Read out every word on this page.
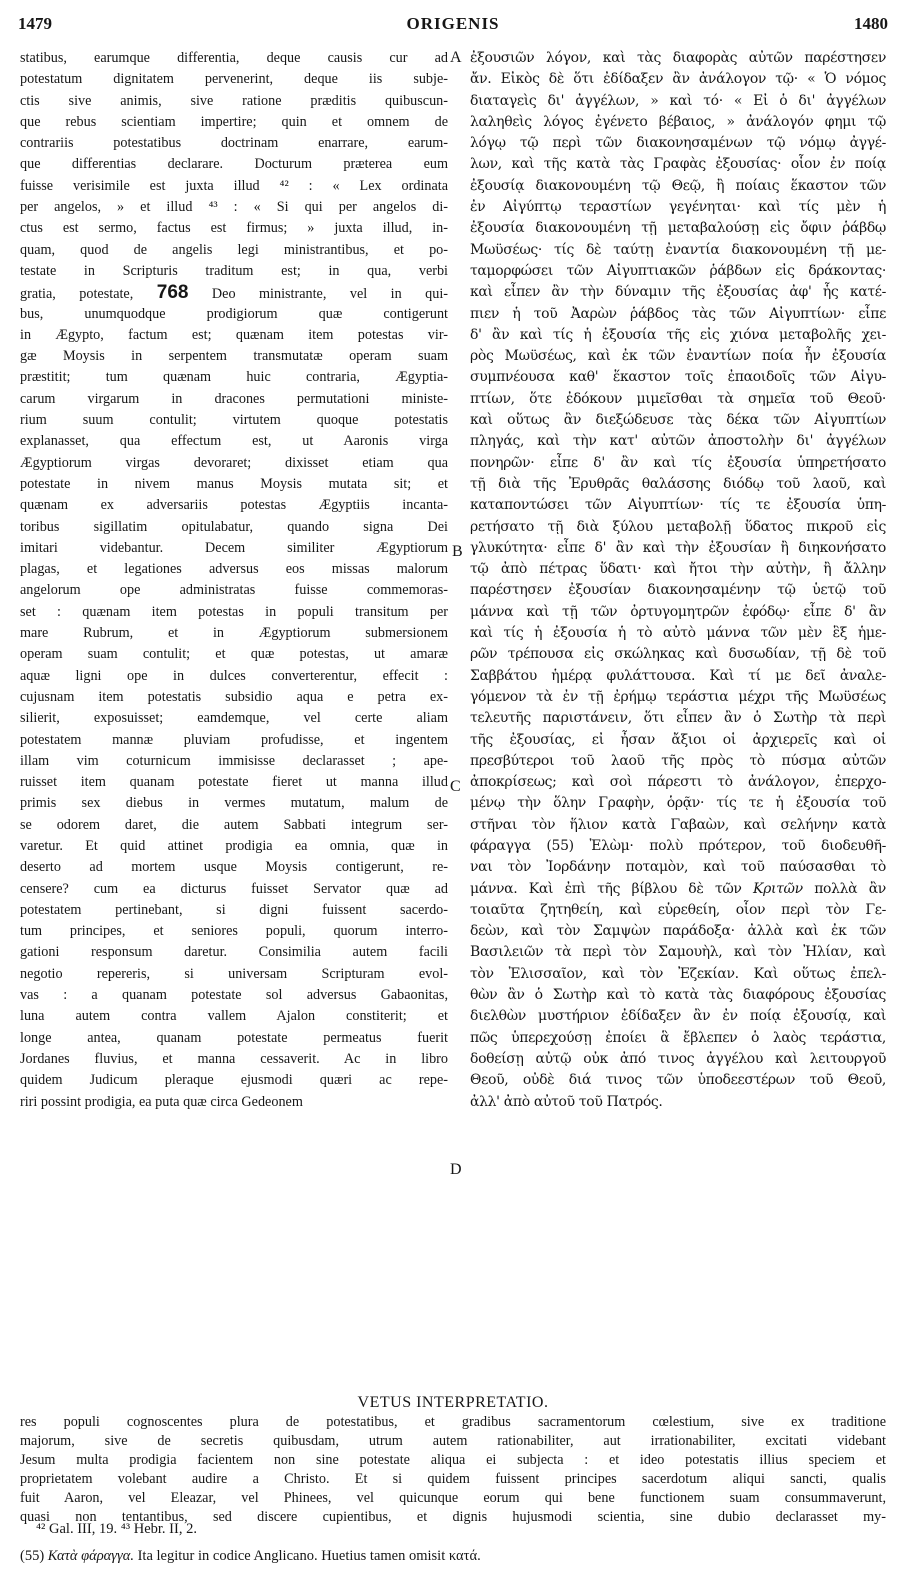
1479	ORIGENIS	1480
statibus, earumque differentia, deque causis cur ad
potestatum dignitatem pervenerint, deque iis subje-
ctis sive animis, sive ratione præditis quibuscun-
que rebus scientiam impertire; quin et omnem de
contrariis potestatibus doctrinam enarrare, earum-
que differentias declarare. Docturum præterea eum
fuisse verisimile est juxta illud ⁴² : « Lex ordinata
per angelos, » et illud ⁴³ : « Si qui per angelos di-
ctus est sermo, factus est firmus; » juxta illud, in-
quam, quod de angelis legi ministrantibus, et po-
testate in Scripturis traditum est; in qua, verbi
gratia, potestate, 768 Deo ministrante, vel in qui-
bus, unumquodque prodigiorum quæ contigerunt
in Ægypto, factum est; quænam item potestas vir-
gæ Moysis in serpentem transmutatæ operam suam
præstitit; tum quænam huic contraria, Ægyptia-
carum virgarum in dracones permutationi ministe-
rium suum contulit; virtutem quoque potestatis
explanasset, qua effectum est, ut Aaronis virga
Ægyptiorum virgas devoraret; dixisset etiam qua
potestate in nivem manus Moysis mutata sit; et
quænam ex adversariis potestas Ægyptiis incanta-
toribus sigillatim opitulabatur, quando signa Dei
imitari videbantur. Decem similiter Ægyptiorum
plagas, et legationes adversus eos missas malorum
angelorum ope administratas fuisse commemoras-
set : quænam item potestas in populi transitum per
mare Rubrum, et in Ægyptiorum submersionem
operam suam contulit; et quæ potestas, ut amaræ
aquæ ligni ope in dulces converterentur, effecit :
cujusnam item potestatis subsidio aqua e petra ex-
silierit, exposuisset; eamdemque, vel certe aliam
potestatem mannæ pluviam profudisse, et ingentem
illam vim coturnicum immisisse declarasset ; ape-
ruisset item quanam potestate fieret ut manna illud
primis sex diebus in vermes mutatum, malum de
se odorem daret, die autem Sabbati integrum ser-
varetur. Et quid attinet prodigia ea omnia, quæ in
deserto ad mortem usque Moysis contigerunt, re-
censere? cum ea dicturus fuisset Servator quæ ad
potestatem pertinebant, si digni fuissent sacerdo-
tum principes, et seniores populi, quorum interro-
gationi responsum daretur. Consimilia autem facili
negotio repereris, si universam Scripturam evol-
vas : a quanam potestate sol adversus Gabaonitas,
luna autem contra vallem Ajalon constiterit; et
longe antea, quanam potestate permeatus fuerit
Jordanes fluvius, et manna cessaverit. Ac in libro
quidem Judicum pleraque ejusmodi quæri ac repe-
riri possint prodigia, ea puta quæ circa Gedeonem
ἐξουσιῶν λόγον, καὶ τὰς διαφορὰς αὐτῶν παρέστησεν
ἄν. Εἰκὸς δὲ ὅτι ἐδίδαξεν ἂν ἀνάλογον τῷ· « Ὁ νόμος
διαταγεὶς δι' ἀγγέλων, » καὶ τό· « Εἰ ὁ δι' ἀγγέλων
λαληθεὶς λόγος ἐγένετο βέβαιος, » ἀνάλογόν φημι τῷ
λόγῳ τῷ περὶ τῶν διακονησαμένων τῷ νόμῳ ἀγγέ-
λων, καὶ τῆς κατὰ τὰς Γραφὰς ἐξουσίας· οἷον ἐν ποίᾳ
ἐξουσίᾳ διακονουμένη τῷ Θεῷ, ἢ ποίαις ἕκαστον τῶν
ἐν Αἰγύπτῳ τεραστίων γεγένηται· καὶ τίς μὲν ἡ
ἐξουσία διακονουμένη τῇ μεταβαλούσῃ εἰς ὄφιν ῥάβδῳ
Μωϋσέως· τίς δὲ ταύτῃ ἐναντία διακονουμένη τῇ με-
ταμορφώσει τῶν Αἰγυπτιακῶν ῥάβδων εἰς δράκοντας·
καὶ εἶπεν ἂν τὴν δύναμιν τῆς ἐξουσίας ἀφ' ἧς κατέ-
πιεν ἡ τοῦ Ἀαρὼν ῥάβδος τὰς τῶν Αἰγυπτίων· εἶπε
δ' ἂν καὶ τίς ἡ ἐξουσία τῆς εἰς χιόνα μεταβολῆς χει-
ρὸς Μωϋσέως, καὶ ἐκ τῶν ἐναντίων ποία ἦν ἐξουσία
συμπνέουσα καθ' ἕκαστον τοῖς ἐπαοιδοῖς τῶν Αἰγυ-
πτίων, ὅτε ἐδόκουν μιμεῖσθαι τὰ σημεῖα τοῦ Θεοῦ·
καὶ οὕτως ἂν διεξώδευσε τὰς δέκα τῶν Αἰγυπτίων
πληγάς, καὶ τὴν κατ' αὐτῶν ἀποστολὴν δι' ἀγγέλων
πονηρῶν· εἶπε δ' ἂν καὶ τίς ἐξουσία ὑπηρετήσατο
τῇ διὰ τῆς Ἐρυθρᾶς θαλάσσης διόδῳ τοῦ λαοῦ, καὶ
καταποντώσει τῶν Αἰγυπτίων· τίς τε ἐξουσία ὑπη-
ρετήσατο τῇ διὰ ξύλου μεταβολῇ ὕδατος πικροῦ εἰς
γλυκύτητα· εἶπε δ' ἂν καὶ τὴν ἐξουσίαν ἢ διηκονήσατο
τῷ ἀπὸ πέτρας ὕδατι· καὶ ἤτοι τὴν αὐτὴν, ἢ ἄλλην
παρέστησεν ἐξουσίαν διακονησαμένην τῷ ὑετῷ τοῦ
μάννα καὶ τῇ τῶν ὀρτυγομητρῶν ἐφόδῳ· εἶπε δ' ἂν
καὶ τίς ἡ ἐξουσία ἡ τὸ αὐτὸ μάννα τῶν μὲν ἓξ ἡμε-
ρῶν τρέπουσα εἰς σκώληκας καὶ δυσωδίαν, τῇ δὲ τοῦ
Σαββάτου ἡμέρᾳ φυλάττουσα. Καὶ τί με δεῖ ἀναλε-
γόμενον τὰ ἐν τῇ ἐρήμῳ τεράστια μέχρι τῆς Μωϋσέως
τελευτῆς παριστάνειν, ὅτι εἶπεν ἂν ὁ Σωτὴρ τὰ περὶ
τῆς ἐξουσίας, εἰ ἦσαν ἄξιοι οἱ ἀρχιερεῖς καὶ οἱ
πρεσβύτεροι τοῦ λαοῦ τῆς πρὸς τὸ πύσμα αὐτῶν
ἀποκρίσεως; καὶ σοὶ πάρεστι τὸ ἀνάλογον, ἐπερχο-
μένῳ τὴν ὅλην Γραφὴν, ὁρᾷν· τίς τε ἡ ἐξουσία τοῦ
στῆναι τὸν ἥλιον κατὰ Γαβαὼν, καὶ σελήνην κατὰ
φάραγγα (55) Ἐλὼμ· πολὺ πρότερον, τοῦ διοδευθῆ-
ναι τὸν Ἰορδάνην ποταμὸν, καὶ τοῦ παύσασθαι τὸ
μάννα. Καὶ ἐπὶ τῆς βίβλου δὲ τῶν Κριτῶν πολλὰ ἂν
τοιαῦτα ζητηθείη, καὶ εὑρεθείη, οἷον περὶ τὸν Γε-
δεὼν, καὶ τὸν Σαμψὼν παράδοξα· ἀλλὰ καὶ ἐκ τῶν
Βασιλειῶν τὰ περὶ τὸν Σαμουὴλ, καὶ τὸν Ἠλίαν, καὶ
τὸν Ἐλισσαῖον, καὶ τὸν Ἐζεκίαν. Καὶ οὕτως ἐπελ-
θὼν ἂν ὁ Σωτὴρ καὶ τὸ κατὰ τὰς διαφόρους ἐξουσίας
διελθὼν μυστήριον ἐδίδαξεν ἂν ἐν ποίᾳ ἐξουσίᾳ, καὶ
πῶς ὑπερεχούσῃ ἐποίει ἃ ἔβλεπεν ὁ λαὸς τεράστια,
δοθείσῃ αὐτῷ οὐκ ἀπό τινος ἀγγέλου καὶ λειτουργοῦ
Θεοῦ, οὐδὲ διά τινος τῶν ὑποδεεστέρων τοῦ Θεοῦ,
ἀλλ' ἀπὸ αὐτοῦ τοῦ Πατρός.
A
B
C
D
VETUS INTERPRETATIO.
res populi cognoscentes plura de potestatibus, et gradibus sacramentorum cœlestium, sive ex traditione
majorum, sive de secretis quibusdam, utrum autem rationabiliter, aut irrationabiliter, excitati videbant
Jesum multa prodigia facientem non sine potestate aliqua ei subjecta : et ideo potestatis illius speciem et
proprietatem volebant audire a Christo. Et si quidem fuissent principes sacerdotum aliqui sancti, qualis
fuit Aaron, vel Eleazar, vel Phinees, vel quicunque eorum qui bene functionem suam consummaverunt,
quasi non tentantibus, sed discere cupientibus, et dignis hujusmodi scientia, sine dubio declarasset my-
⁴² Gal. III, 19. ⁴³ Hebr. II, 2.
(55) Κατὰ φάραγγα. Ita legitur in codice Anglicano. Huetius tamen omisit κατά.
